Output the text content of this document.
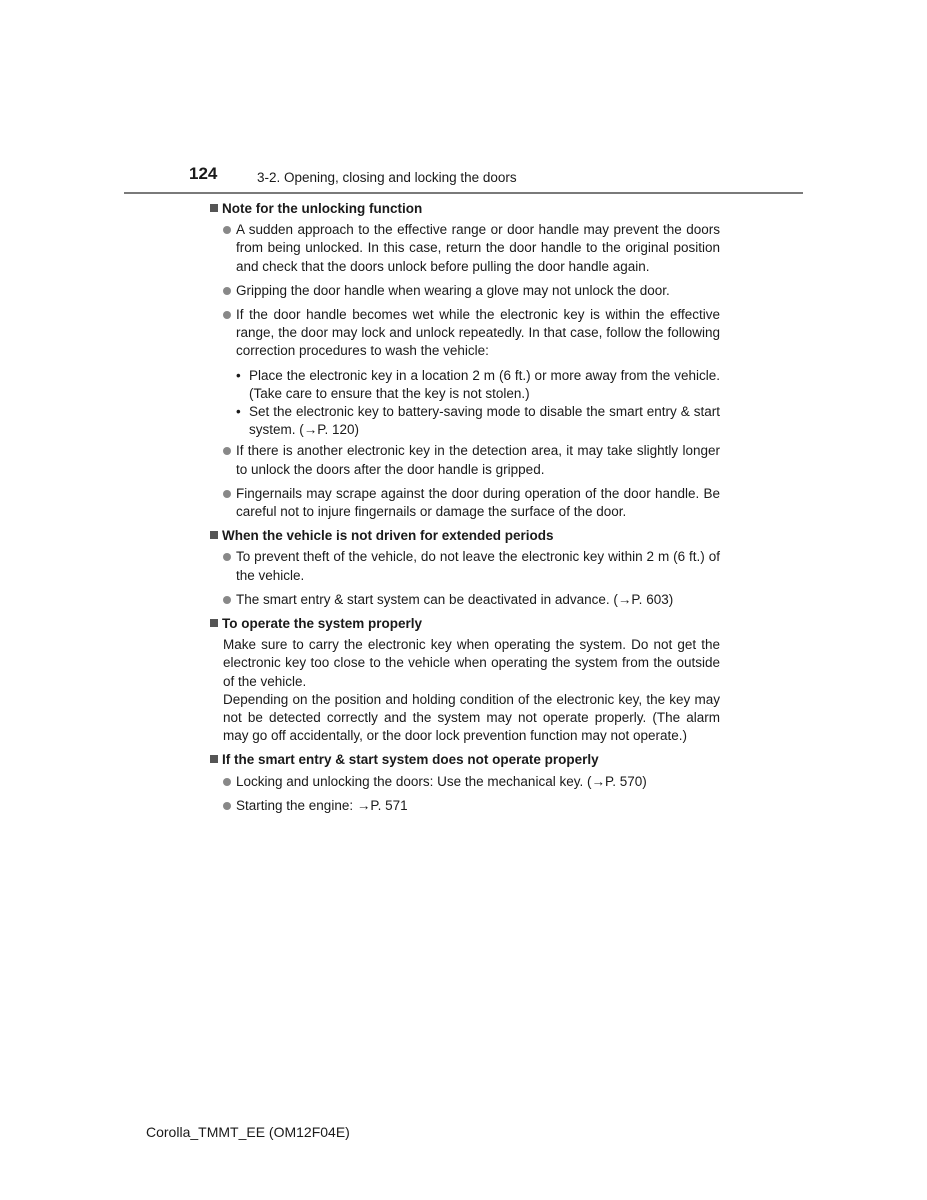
124	3-2. Opening, closing and locking the doors
Note for the unlocking function
A sudden approach to the effective range or door handle may prevent the doors from being unlocked. In this case, return the door handle to the original position and check that the doors unlock before pulling the door handle again.
Gripping the door handle when wearing a glove may not unlock the door.
If the door handle becomes wet while the electronic key is within the effective range, the door may lock and unlock repeatedly. In that case, follow the following correction procedures to wash the vehicle:
• Place the electronic key in a location 2 m (6 ft.) or more away from the vehicle. (Take care to ensure that the key is not stolen.)
• Set the electronic key to battery-saving mode to disable the smart entry & start system. (→P. 120)
If there is another electronic key in the detection area, it may take slightly longer to unlock the doors after the door handle is gripped.
Fingernails may scrape against the door during operation of the door handle. Be careful not to injure fingernails or damage the surface of the door.
When the vehicle is not driven for extended periods
To prevent theft of the vehicle, do not leave the electronic key within 2 m (6 ft.) of the vehicle.
The smart entry & start system can be deactivated in advance. (→P. 603)
To operate the system properly
Make sure to carry the electronic key when operating the system. Do not get the electronic key too close to the vehicle when operating the system from the outside of the vehicle.
Depending on the position and holding condition of the electronic key, the key may not be detected correctly and the system may not operate properly. (The alarm may go off accidentally, or the door lock prevention function may not operate.)
If the smart entry & start system does not operate properly
Locking and unlocking the doors: Use the mechanical key. (→P. 570)
Starting the engine: →P. 571
Corolla_TMMT_EE (OM12F04E)
